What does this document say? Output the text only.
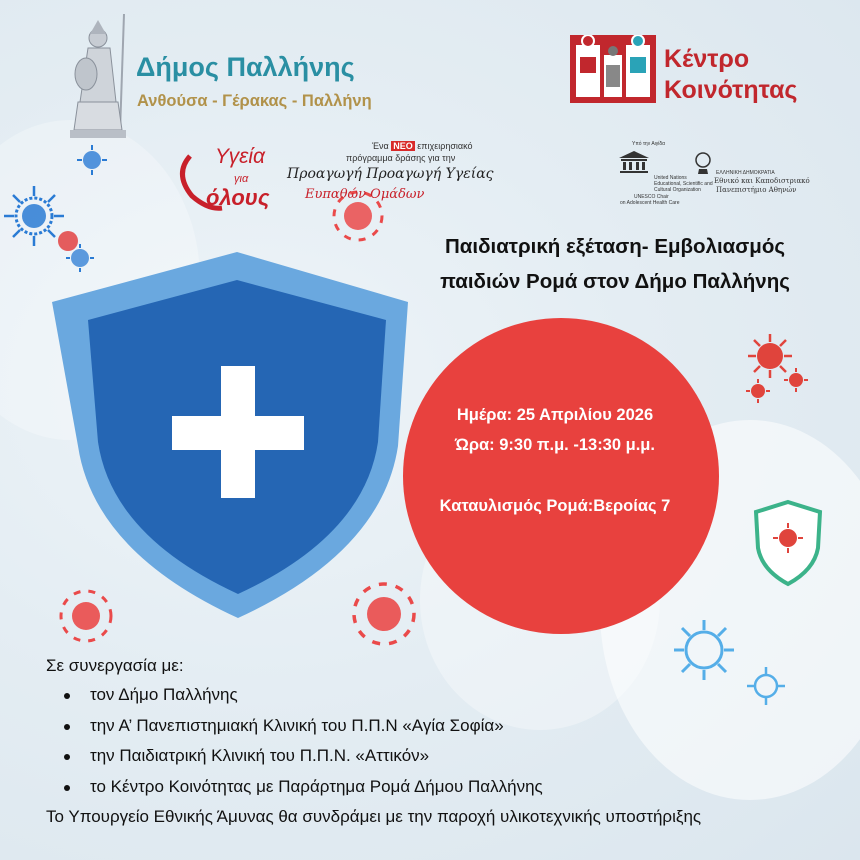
Δήμος Παλλήνης
Ανθούσα - Γέρακας - Παλλήνη
Κέντρο
Κοινότητας
Υγεία
για
όλους
Ένα ΝΕΟ επιχειρησιακό
πρόγραμμα δράσης για την
Προαγωγή Προαγωγή Υγείας
Ευπαθών Ομάδων
Υπό την Αιγίδα
United Nations
Educational, Scientific and
Cultural Organization
UNESCO Chair
on Adolescent Health Care
ΕΛΛΗΝΙΚΗ ΔΗΜΟΚΡΑΤΙΑ
Εθνικό και Καποδιστριακό
Πανεπιστήμιο Αθηνών
Παιδιατρική εξέταση- Εμβολιασμός
παιδιών Ρομά στον Δήμο Παλλήνης
Ημέρα: 25 Απριλίου 2026
Ώρα: 9:30 π.μ. -13:30 μ.μ.
Καταυλισμός Ρομά:Βεροίας 7
Σε συνεργασία με:
τον Δήμο Παλλήνης
την Α’ Πανεπιστημιακή Κλινική του Π.Π.Ν «Αγία Σοφία»
την Παιδιατρική Κλινική του Π.Π.Ν. «Αττικόν»
το Κέντρο Κοινότητας με Παράρτημα Ρομά Δήμου Παλλήνης
Το Υπουργείο Εθνικής Άμυνας θα συνδράμει με την παροχή υλικοτεχνικής υποστήριξης
